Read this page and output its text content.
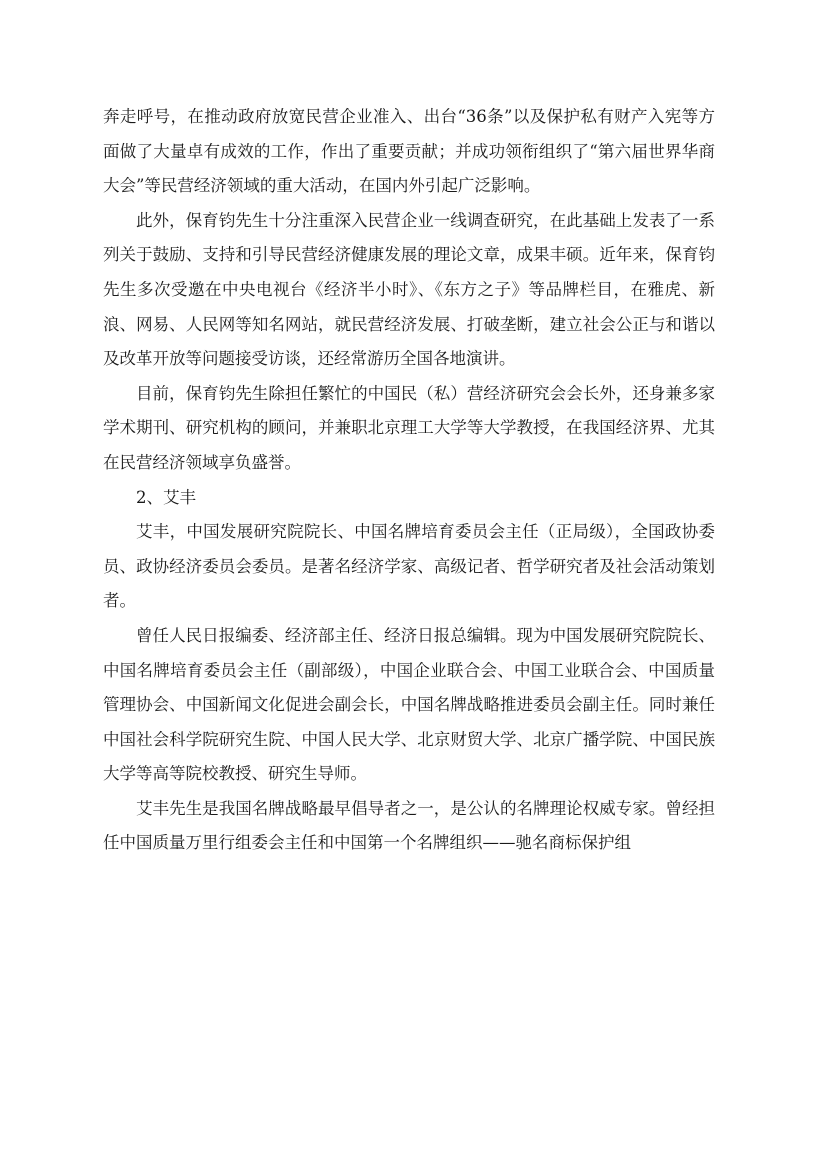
奔走呼号，在推动政府放宽民营企业准入、出台“36条”以及保护私有财产入宪等方面做了大量卓有成效的工作，作出了重要贡献；并成功领衔组织了“第六届世界华商大会”等民营经济领域的重大活动，在国内外引起广泛影响。

此外，保育钧先生十分注重深入民营企业一线调查研究，在此基础上发表了一系列关于鼓励、支持和引导民营经济健康发展的理论文章，成果丰硕。近年来，保育钧先生多次受邀在中央电视台《经济半小时》、《东方之子》等品牌栏目，在雅虎、新浪、网易、人民网等知名网站，就民营经济发展、打破垄断，建立社会公正与和谐以及改革开放等问题接受访谈，还经常游历全国各地演讲。

目前，保育钧先生除担任繁忙的中国民（私）营经济研究会会长外，还身兼多家学术期刊、研究机构的顾问，并兼职北京理工大学等大学教授，在我国经济界、尤其在民营经济领域享负盛誉。

2、艾丰

艾丰，中国发展研究院院长、中国名牌培育委员会主任（正局级），全国政协委员、政协经济委员会委员。是著名经济学家、高级记者、哲学研究者及社会活动策划者。

曾任人民日报编委、经济部主任、经济日报总编辑。现为中国发展研究院院长、中国名牌培育委员会主任（副部级），中国企业联合会、中国工业联合会、中国质量管理协会、中国新闻文化促进会副会长，中国名牌战略推进委员会副主任。同时兼任中国社会科学院研究生院、中国人民大学、北京财贸大学、北京广播学院、中国民族大学等高等院校教授、研究生导师。

艾丰先生是我国名牌战略最早倡导者之一，是公认的名牌理论权威专家。曾经担任中国质量万里行组委会主任和中国第一个名牌组织——驰名商标保护组
